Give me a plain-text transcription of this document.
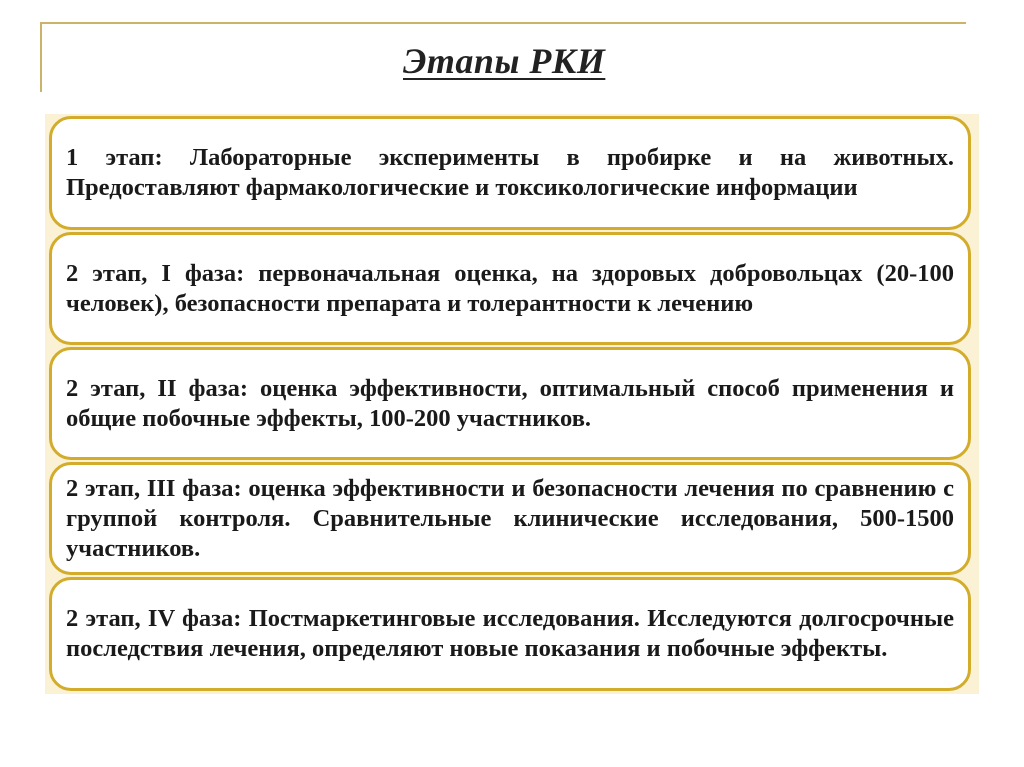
Этапы РКИ
1 этап: Лабораторные эксперименты в пробирке и на животных. Предоставляют фармакологические и токсикологические информации
2 этап, I фаза: первоначальная оценка, на здоровых добровольцах (20-100 человек), безопасности препарата и толерантности к лечению
2 этап, II фаза: оценка эффективности, оптимальный способ применения и общие побочные эффекты, 100-200 участников.
2 этап, III фаза: оценка эффективности и безопасности лечения по сравнению с группой контроля. Сравнительные клинические исследования, 500-1500 участников.
2 этап, IV фаза: Постмаркетинговые исследования. Исследуются долгосрочные последствия лечения, определяют новые показания и побочные эффекты.
